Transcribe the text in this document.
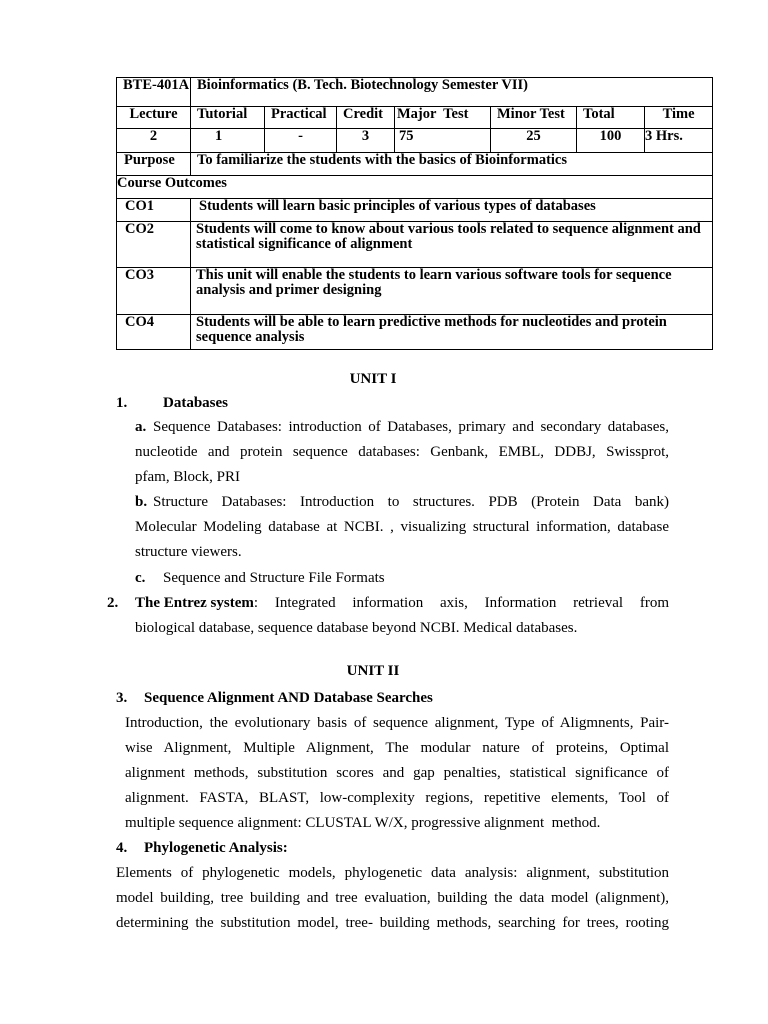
BTE-401A	Bioinformatics (B. Tech. Biotechnology Semester VII)						
Lecture	Tutorial	Practical	Credit	Major  Test	Minor Test	Total	Time
2	1	-	3	75	25	100	3 Hrs.
Purpose	To familiarize the students with the basics of Bioinformatics						
Course Outcomes							
CO1	Students will learn basic principles of various types of databases						
CO2	Students will come to know about various tools related to sequence alignment and statistical significance of alignment						
CO3	This unit will enable the students to learn various software tools for sequence analysis and primer designing						
CO4	Students will be able to learn predictive methods for nucleotides and protein sequence analysis						
UNIT I
1. Databases
a. Sequence Databases: introduction of Databases, primary and secondary databases,
nucleotide and protein sequence databases: Genbank, EMBL, DDBJ, Swissprot,
pfam, Block, PRI
b. Structure Databases: Introduction to structures. PDB (Protein Data bank)
Molecular Modeling database at NCBI. , visualizing structural information, database
structure viewers.
c. Sequence and Structure File Formats
2. The Entrez system : Integrated information axis, Information retrieval from
biological database, sequence database beyond NCBI. Medical databases.
UNIT II
3. Sequence Alignment AND Database Searches
Introduction, the evolutionary basis of sequence alignment, Type of Aligmnents, Pair-
wise Alignment, Multiple Alignment, The modular nature of proteins, Optimal
alignment methods, substitution scores and gap penalties, statistical significance of
alignment. FASTA, BLAST, low-complexity regions, repetitive elements, Tool of
multiple sequence alignment: CLUSTAL W/X, progressive alignment  method.
4. Phylogenetic Analysis:
Elements of phylogenetic models, phylogenetic data analysis: alignment, substitution
model building, tree building and tree evaluation, building the data model (alignment),
determining the substitution model, tree- building methods, searching for trees, rooting
